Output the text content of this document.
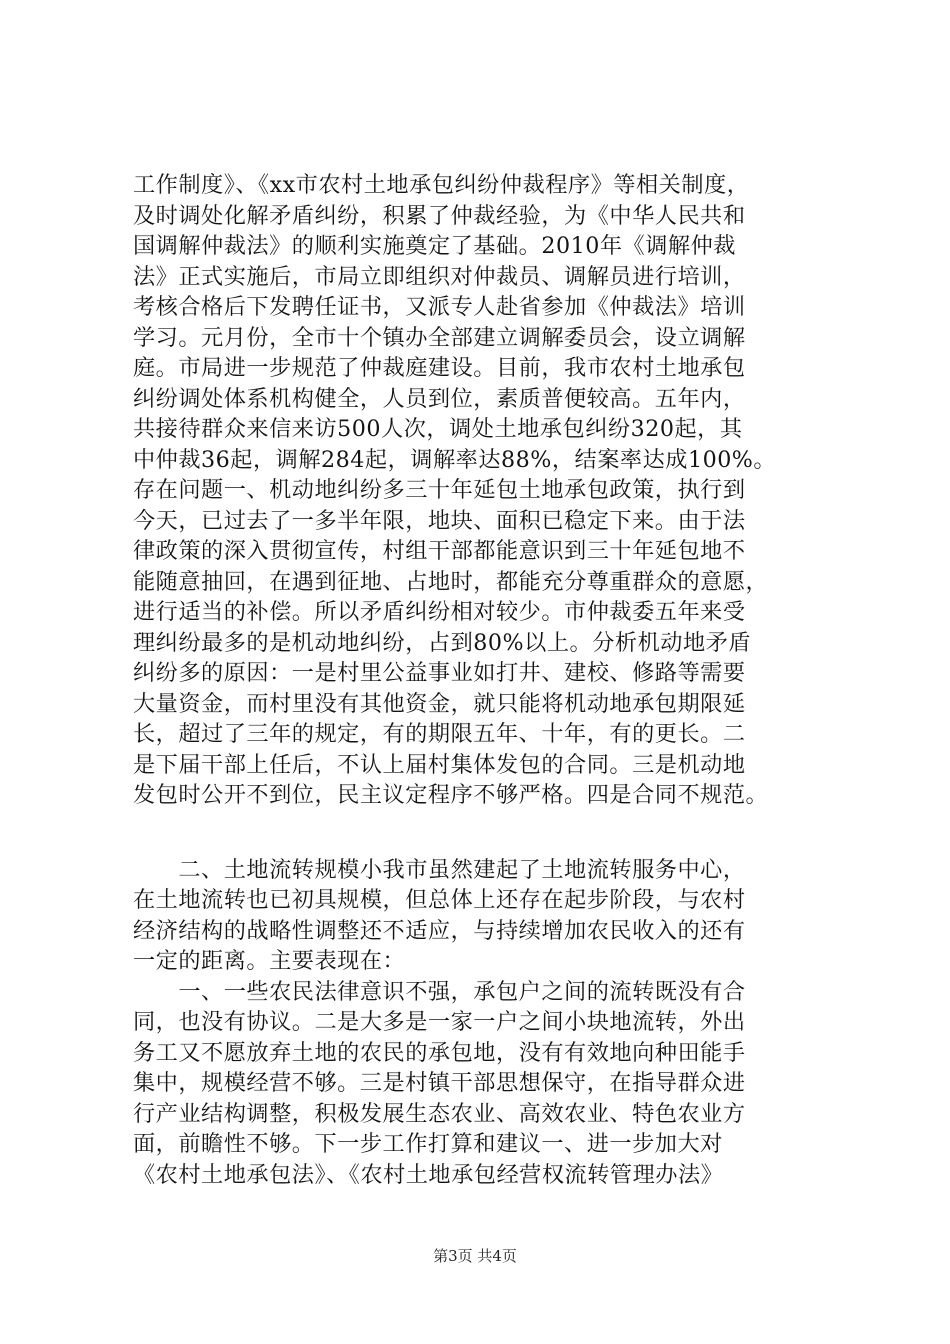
工作制度》、《xx市农村土地承包纠纷仲裁程序》等相关制度，
及时调处化解矛盾纠纷，积累了仲裁经验，为《中华人民共和
国调解仲裁法》的顺利实施奠定了基础。2010年《调解仲裁
法》正式实施后，市局立即组织对仲裁员、调解员进行培训，
考核合格后下发聘任证书，又派专人赴省参加《仲裁法》培训
学习。元月份，全市十个镇办全部建立调解委员会，设立调解
庭。市局进一步规范了仲裁庭建设。目前，我市农村土地承包
纠纷调处体系机构健全，人员到位，素质普便较高。五年内，
共接待群众来信来访500人次，调处土地承包纠纷320起，其
中仲裁36起，调解284起，调解率达88%，结案率达成100%。
存在问题一、机动地纠纷多三十年延包土地承包政策，执行到
今天，已过去了一多半年限，地块、面积已稳定下来。由于法
律政策的深入贯彻宣传，村组干部都能意识到三十年延包地不
能随意抽回，在遇到征地、占地时，都能充分尊重群众的意愿，
进行适当的补偿。所以矛盾纠纷相对较少。市仲裁委五年来受
理纠纷最多的是机动地纠纷，占到80%以上。分析机动地矛盾
纠纷多的原因：一是村里公益事业如打井、建校、修路等需要
大量资金，而村里没有其他资金，就只能将机动地承包期限延
长，超过了三年的规定，有的期限五年、十年，有的更长。二
是下届干部上任后，不认上届村集体发包的合同。三是机动地
发包时公开不到位，民主议定程序不够严格。四是合同不规范。
　　二、土地流转规模小我市虽然建起了土地流转服务中心，
在土地流转也已初具规模，但总体上还存在起步阶段，与农村
经济结构的战略性调整还不适应，与持续增加农民收入的还有
一定的距离。主要表现在：
　　一、一些农民法律意识不强，承包户之间的流转既没有合
同，也没有协议。二是大多是一家一户之间小块地流转，外出
务工又不愿放弃土地的农民的承包地，没有有效地向种田能手
集中，规模经营不够。三是村镇干部思想保守，在指导群众进
行产业结构调整，积极发展生态农业、高效农业、特色农业方
面，前瞻性不够。下一步工作打算和建议一、进一步加大对
《农村土地承包法》、《农村土地承包经营权流转管理办法》
第3页 共4页
